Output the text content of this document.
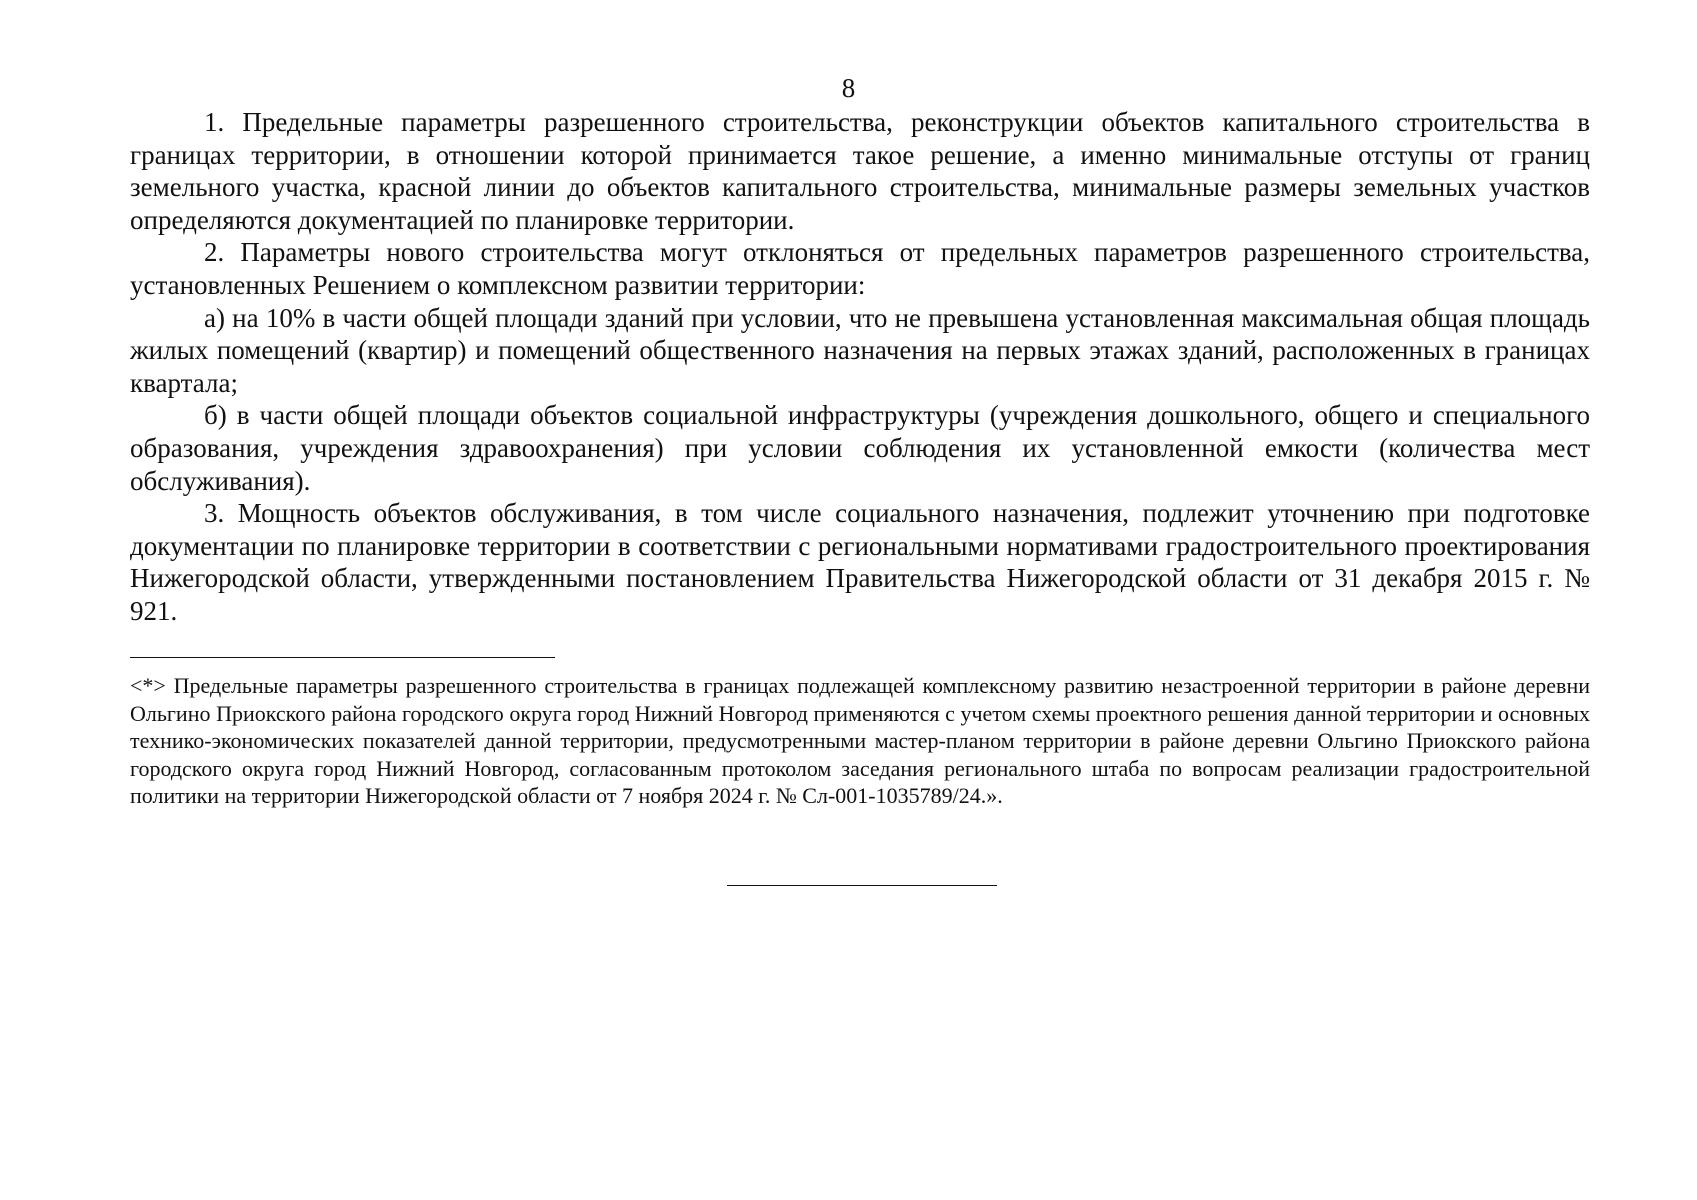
8

1. Предельные параметры разрешенного строительства, реконструкции объектов капитального строительства в границах территории, в отношении которой принимается такое решение, а именно минимальные отступы от границ земельного участка, красной линии до объектов капитального строительства, минимальные размеры земельных участков определяются документацией по планировке территории.

2. Параметры нового строительства могут отклоняться от предельных параметров разрешенного строительства, установленных Решением о комплексном развитии территории:

а) на 10% в части общей площади зданий при условии, что не превышена установленная максимальная общая площадь жилых помещений (квартир) и помещений общественного назначения на первых этажах зданий, расположенных в границах квартала;

б) в части общей площади объектов социальной инфраструктуры (учреждения дошкольного, общего и специального образования, учреждения здравоохранения) при условии соблюдения их установленной емкости (количества мест обслуживания).

3. Мощность объектов обслуживания, в том числе социального назначения, подлежит уточнению при подготовке документации по планировке территории в соответствии с региональными нормативами градостроительного проектирования Нижегородской области, утвержденными постановлением Правительства Нижегородской области от 31 декабря 2015 г. № 921.

<*> Предельные параметры разрешенного строительства в границах подлежащей комплексному развитию незастроенной территории в районе деревни Ольгино Приокского района городского округа город Нижний Новгород применяются с учетом схемы проектного решения данной территории и основных технико-экономических показателей данной территории, предусмотренными мастер-планом территории в районе деревни Ольгино Приокского района городского округа город Нижний Новгород, согласованным протоколом заседания регионального штаба по вопросам реализации градостроительной политики на территории Нижегородской области от 7 ноября 2024 г. № Сл-001-1035789/24.».
